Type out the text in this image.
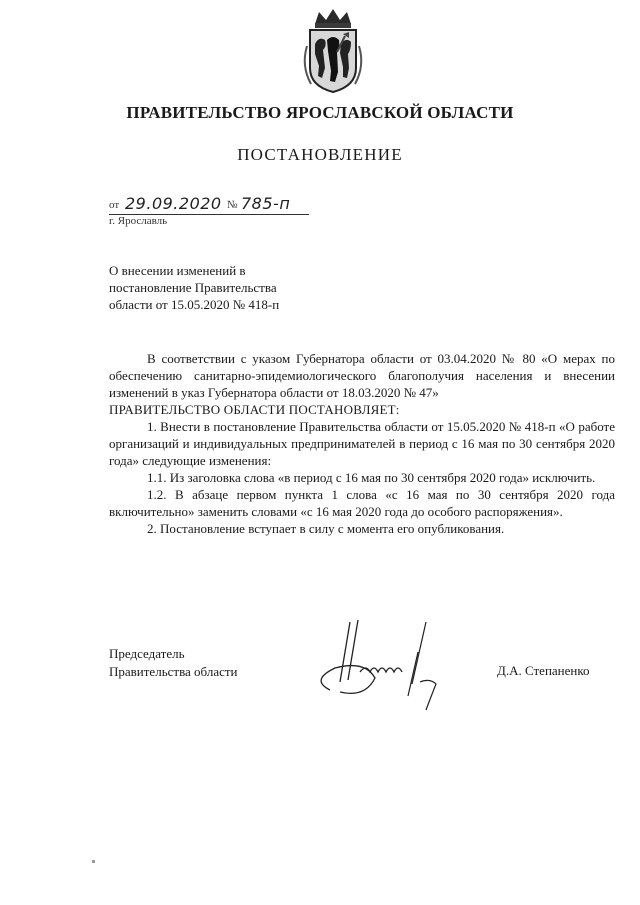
ПРАВИТЕЛЬСТВО ЯРОСЛАВСКОЙ ОБЛАСТИ
ПОСТАНОВЛЕНИЕ
от 29.09.2020 № 785-п
г. Ярославль
О внесении изменений в
постановление Правительства
области от 15.05.2020 № 418-п

В соответствии с указом Губернатора области от 03.04.2020 № 80 «О мерах по обеспечению санитарно-эпидемиологического благополучия населения и внесении изменений в указ Губернатора области от 18.03.2020 № 47»

ПРАВИТЕЛЬСТВО ОБЛАСТИ ПОСТАНОВЛЯЕТ:

1. Внести в постановление Правительства области от 15.05.2020 № 418-п «О работе организаций и индивидуальных предпринимателей в период с 16 мая по 30 сентября 2020 года» следующие изменения:

1.1. Из заголовка слова «в период с 16 мая по 30 сентября 2020 года» исключить.

1.2. В абзаце первом пункта 1 слова «с 16 мая по 30 сентября 2020 года включительно» заменить словами «с 16 мая 2020 года до особого распоряжения».

2. Постановление вступает в силу с момента его опубликования.

Председатель
Правительства области	Д.А. Степаненко
